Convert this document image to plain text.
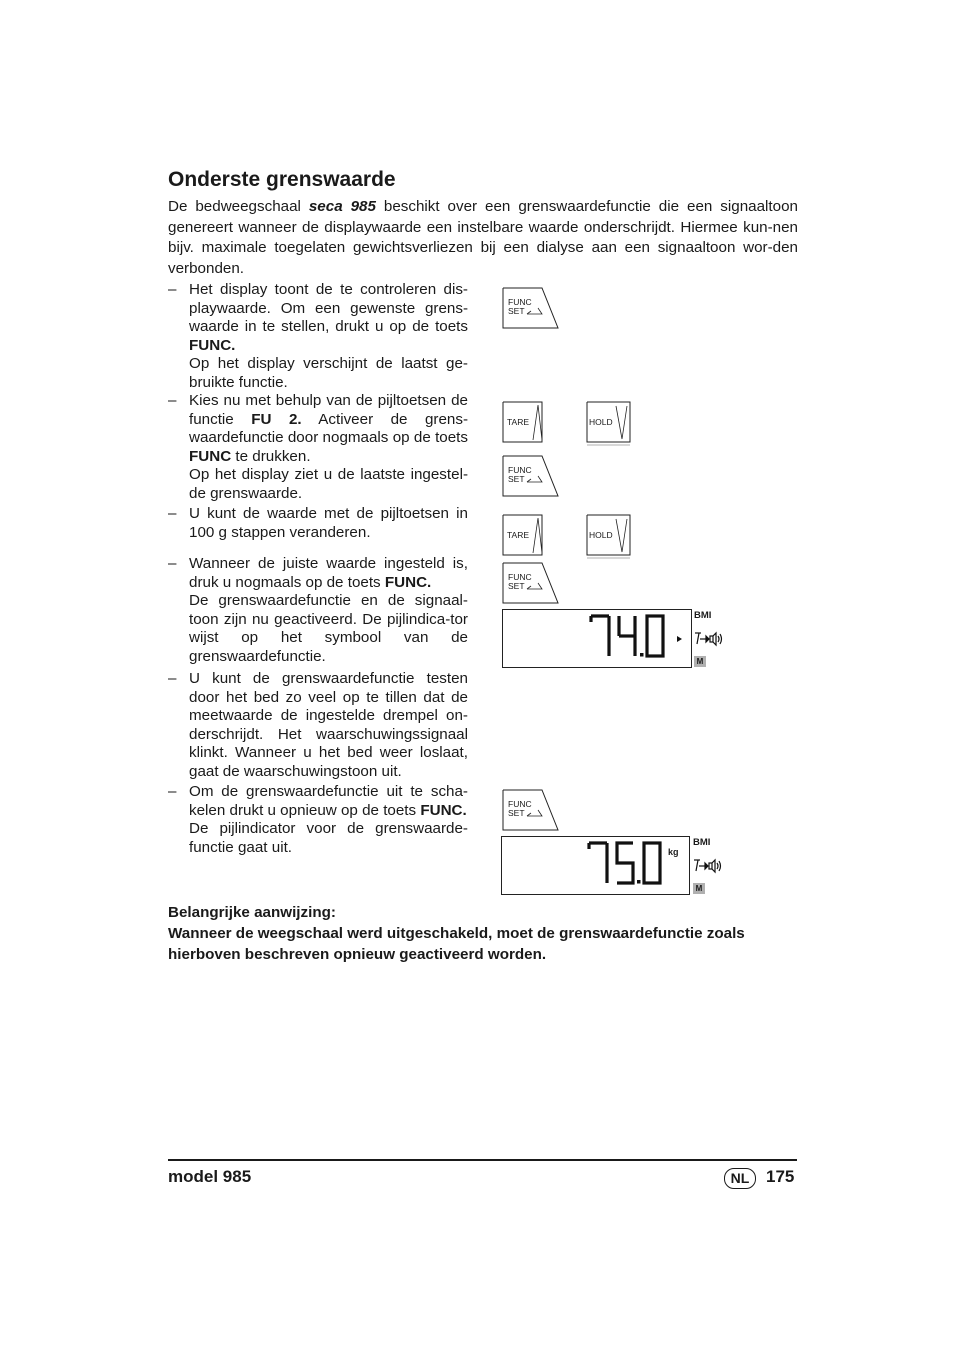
Onderste grenswaarde
De bedweegschaal seca 985 beschikt over een grenswaardefunctie die een signaaltoon genereert wanneer de displaywaarde een instelbare waarde onderschrijdt. Hiermee kun-nen bijv. maximale toegelaten gewichtsverliezen bij een dialyse aan een signaaltoon wor-den verbonden.
– Het display toont de te controleren dis-playwaarde. Om een gewenste grens-waarde in te stellen, drukt u op de toets FUNC.

Op het display verschijnt de laatst ge-bruikte functie.

– Kies nu met behulp van de pijltoetsen de functie FU 2. Activeer de grens-waardefunctie door nogmaals op de toets FUNC te drukken.

Op het display ziet u de laatste ingestel-de grenswaarde.

– U kunt de waarde met de pijltoetsen in 100 g stappen veranderen.

– Wanneer de juiste waarde ingesteld is, druk u nogmaals op de toets FUNC.

De grenswaardefunctie en de signaal-toon zijn nu geactiveerd. De pijlindica-tor wijst op het symbool van de grenswaardefunctie.

– U kunt de grenswaardefunctie testen door het bed zo veel op te tillen dat de meetwaarde de ingestelde drempel on-derschrijdt. Het waarschuwingssignaal klinkt. Wanneer u het bed weer loslaat, gaat de waarschuwingstoon uit.

– Om de grenswaardefunctie uit te scha-kelen drukt u opnieuw op de toets FUNC.

De pijlindicator voor de grenswaarde-functie gaat uit.

FUNC
SET
TARE	HOLD
FUNC
SET
TARE	HOLD
FUNC
SET
BMI
M
FUNC
SET
kg
BMI
M

Belangrijke aanwijzing:

Wanneer de weegschaal werd uitgeschakeld, moet de grenswaardefunctie zoals hierboven beschreven opnieuw geactiveerd worden.

model 985	NL 175
